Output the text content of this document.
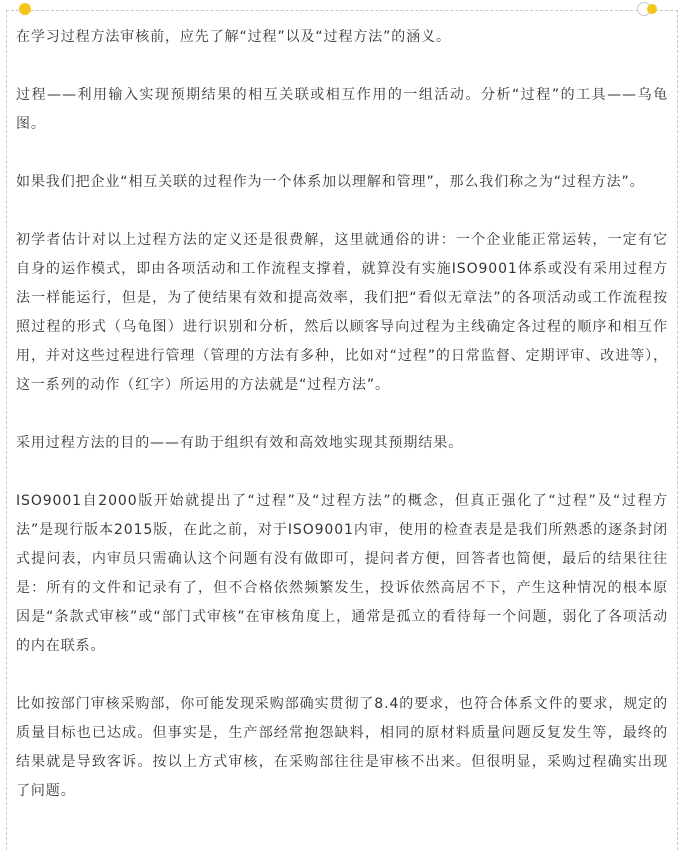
在学习过程方法审核前，应先了解“过程”以及“过程方法”的涵义。

过程——利用输入实现预期结果的相互关联或相互作用的一组活动。分析“过程”的工具——乌龟图。

如果我们把企业“相互关联的过程作为一个体系加以理解和管理”，那么我们称之为“过程方法”。

初学者估计对以上过程方法的定义还是很费解，这里就通俗的讲：一个企业能正常运转，一定有它自身的运作模式，即由各项活动和工作流程支撑着，就算没有实施ISO9001体系或没有采用过程方法一样能运行，但是，为了使结果有效和提高效率，我们把“看似无章法”的各项活动或工作流程按照过程的形式（乌龟图）进行识别和分析，然后以顾客导向过程为主线确定各过程的顺序和相互作用，并对这些过程进行管理（管理的方法有多种，比如对“过程”的日常监督、定期评审、改进等），这一系列的动作（红字）所运用的方法就是“过程方法”。

采用过程方法的目的——有助于组织有效和高效地实现其预期结果。

ISO9001自2000版开始就提出了“过程”及“过程方法”的概念，但真正强化了“过程”及“过程方法”是现行版本2015版，在此之前，对于ISO9001内审，使用的检查表是是我们所熟悉的逐条封闭式提问表，内审员只需确认这个问题有没有做即可，提问者方便，回答者也简便，最后的结果往往是：所有的文件和记录有了，但不合格依然频繁发生，投诉依然高居不下，产生这种情况的根本原因是“条款式审核”或“部门式审核”在审核角度上，通常是孤立的看待每一个问题，弱化了各项活动的内在联系。

比如按部门审核采购部，你可能发现采购部确实贯彻了8.4的要求，也符合体系文件的要求，规定的质量目标也已达成。但事实是，生产部经常抱怨缺料，相同的原材料质量问题反复发生等，最终的结果就是导致客诉。按以上方式审核，在采购部往往是审核不出来。但很明显，采购过程确实出现了问题。
